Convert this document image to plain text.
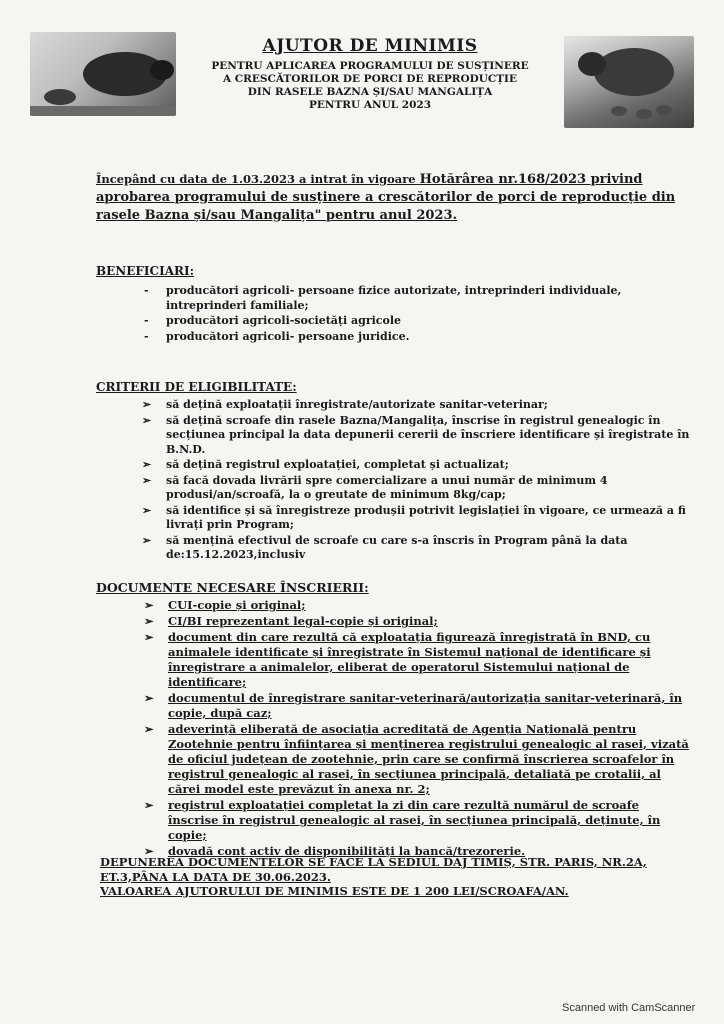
AJUTOR DE MINIMIS
PENTRU APLICAREA PROGRAMULUI DE SUSȚINERE
A CRESCĂTORILOR DE PORCI DE REPRODUCȚIE
DIN RASELE BAZNA ȘI/SAU MANGALIȚA
PENTRU ANUL 2023
Începând cu data de 1.03.2023 a intrat în vigoare Hotărârea nr.168/2023 privind aprobarea programului de susținere a crescătorilor de porci de reproducție din rasele Bazna și/sau Mangalița" pentru anul 2023.
BENEFICIARI:
- producători agricoli- persoane fizice autorizate, intreprinderi individuale, intreprinderi familiale;
- producători agricoli-societăți agricole
- producători agricoli- persoane juridice.
CRITERII DE ELIGIBILITATE:
➢ să dețină exploatații înregistrate/autorizate sanitar-veterinar;
➢ să dețină scroafe din rasele Bazna/Mangalița, înscrise în registrul genealogic în secțiunea principal la data depunerii cererii de înscriere identificare și îregistrate în B.N.D.
➢ să dețină registrul exploatației, completat și actualizat;
➢ să facă dovada livrării spre comercializare a unui număr de minimum 4 produsi/an/scroafă, la o greutate de minimum 8kg/cap;
➢ să identifice și să înregistreze produșii potrivit legislației în vigoare, ce urmează a fi livrați prin Program;
➢ să mențină efectivul de scroafe cu care s-a înscris în Program până la data de:15.12.2023,inclusiv
DOCUMENTE NECESARE ÎNSCRIERII:
➢ CUI-copie și original;
➢ CI/BI reprezentant legal-copie și original;
➢ document din care rezultă că exploatația figurează înregistrată în BND, cu animalele identificate și înregistrate în Sistemul național de identificare și înregistrare a animalelor, eliberat de operatorul Sistemului național de identificare;
➢ documentul de înregistrare sanitar-veterinară/autorizația sanitar-veterinară, în copie, după caz;
➢ adeverință eliberată de asociația acreditată de Agenția Națională pentru Zootehnie pentru înființarea și menținerea registrului genealogic al rasei, vizată de oficiul județean de zootehnie, prin care se confirmă înscrierea scroafelor în registrul genealogic al rasei, în secțiunea principală, detaliată pe crotalii, al cărei model este prevăzut în anexa nr. 2;
➢ registrul exploatației completat la zi din care rezultă numărul de scroafe înscrise în registrul genealogic al rasei, în secțiunea principală, deținute, în copie;
➢ dovadă cont activ de disponibilități la bancă/trezorerie.
DEPUNEREA DOCUMENTELOR SE FACE LA SEDIUL DAJ TIMIȘ, STR. PARIS, NR.2A, ET.3,PÂNA LA DATA DE 30.06.2023.
VALOAREA AJUTORULUI DE MINIMIS ESTE DE 1 200 LEI/SCROAFA/AN.
Scanned with CamScanner
